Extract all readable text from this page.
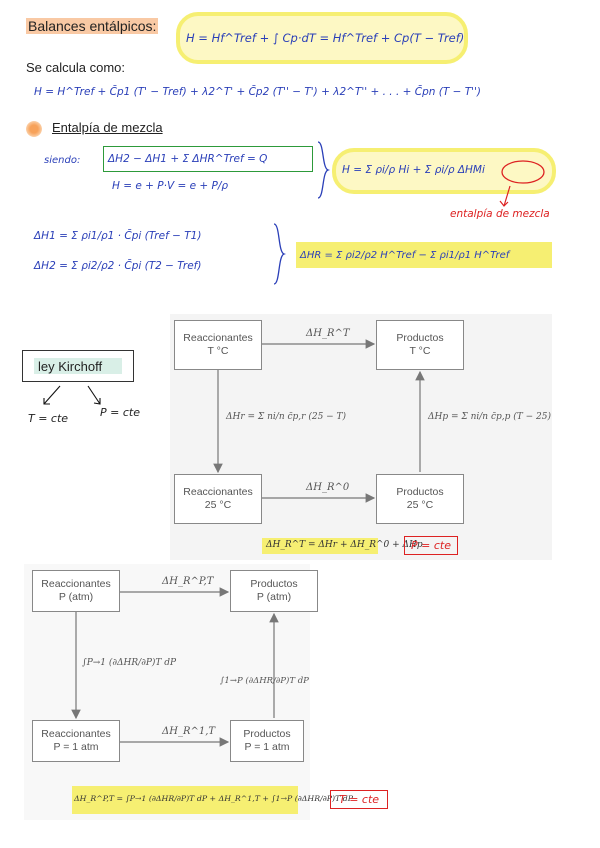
Balances entálpicos:
H = Hf^Tref + ∫ Cp·dT = Hf^Tref + Cp(T − Tref)
Se calcula como:
H = H^Tref + C̄p1 (T' − Tref) + λ2^T' + C̄p2 (T'' − T') + λ2^T'' + . . . + C̄pn (T − T'')
Entalpía de mezcla
siendo:	ΔH2 − ΔH1 + Σ ΔHR^Tref = Q
H = e + P·V = e + P/ρ
H = Σ ρi/ρ Hi + Σ ρi/ρ ΔHMi
entalpía de mezcla
ΔH1 = Σ ρi1/ρ1 · C̄pi (Tref − T1)
ΔH2 = Σ ρi2/ρ2 · C̄pi (T2 − Tref)
ΔHR = Σ ρi2/ρ2 H^Tref − Σ ρi1/ρ1 H^Tref
ley Kirchoff
T = cte	P = cte
Reaccionantes
T °C
Productos
T °C
Reaccionantes
25 °C
Productos
25 °C
ΔH_R^T
ΔH_R^0
ΔHr = Σ ni/n c̄p,r (25 − T)	ΔHp = Σ ni/n c̄p,p (T − 25)
ΔH_R^T = ΔHr + ΔH_R^0 + ΔHp
P = cte
Reaccionantes
P (atm)
Productos
P (atm)
Reaccionantes
P = 1 atm
Productos
P = 1 atm
ΔH_R^P,T
ΔH_R^1,T
∫P→1 (∂ΔHR/∂P)T dP
∫1→P (∂ΔHR/∂P)T dP
ΔH_R^P,T = ∫P→1 (∂ΔHR/∂P)T dP + ΔH_R^1,T + ∫1→P (∂ΔHR/∂P)T dP
T = cte
